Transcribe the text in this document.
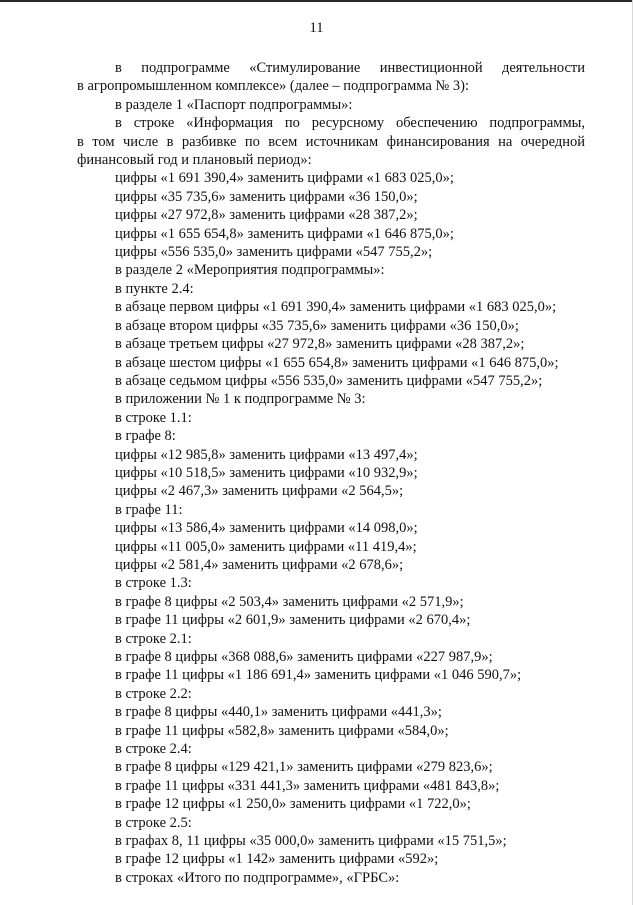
11
в подпрограмме «Стимулирование инвестиционной деятельности
в агропромышленном комплексе» (далее – подпрограмма № 3):
в разделе 1 «Паспорт подпрограммы»:
в строке «Информация по ресурсному обеспечению подпрограммы,
в том числе в разбивке по всем источникам финансирования на очередной
финансовый год и плановый период»:
цифры «1 691 390,4» заменить цифрами «1 683 025,0»;
цифры «35 735,6» заменить цифрами «36 150,0»;
цифры «27 972,8» заменить цифрами «28 387,2»;
цифры «1 655 654,8» заменить цифрами «1 646 875,0»;
цифры «556 535,0» заменить цифрами «547 755,2»;
в разделе 2 «Мероприятия подпрограммы»:
в пункте 2.4:
в абзаце первом цифры «1 691 390,4» заменить цифрами «1 683 025,0»;
в абзаце втором цифры «35 735,6» заменить цифрами «36 150,0»;
в абзаце третьем цифры «27 972,8» заменить цифрами «28 387,2»;
в абзаце шестом цифры «1 655 654,8» заменить цифрами «1 646 875,0»;
в абзаце седьмом цифры «556 535,0» заменить цифрами «547 755,2»;
в приложении № 1 к подпрограмме № 3:
в строке 1.1:
в графе 8:
цифры «12 985,8» заменить цифрами «13 497,4»;
цифры «10 518,5» заменить цифрами «10 932,9»;
цифры «2 467,3» заменить цифрами «2 564,5»;
в графе 11:
цифры «13 586,4» заменить цифрами «14 098,0»;
цифры «11 005,0» заменить цифрами «11 419,4»;
цифры «2 581,4» заменить цифрами «2 678,6»;
в строке 1.3:
в графе 8 цифры «2 503,4» заменить цифрами «2 571,9»;
в графе 11 цифры «2 601,9» заменить цифрами «2 670,4»;
в строке 2.1:
в графе 8 цифры «368 088,6» заменить цифрами «227 987,9»;
в графе 11 цифры «1 186 691,4» заменить цифрами «1 046 590,7»;
в строке 2.2:
в графе 8 цифры «440,1» заменить цифрами «441,3»;
в графе 11 цифры «582,8» заменить цифрами «584,0»;
в строке 2.4:
в графе 8 цифры «129 421,1» заменить цифрами «279 823,6»;
в графе 11 цифры «331 441,3» заменить цифрами «481 843,8»;
в графе 12 цифры «1 250,0» заменить цифрами «1 722,0»;
в строке 2.5:
в графах 8, 11 цифры «35 000,0» заменить цифрами «15 751,5»;
в графе 12 цифры «1 142» заменить цифрами «592»;
в строках «Итого по подпрограмме», «ГРБС»:
